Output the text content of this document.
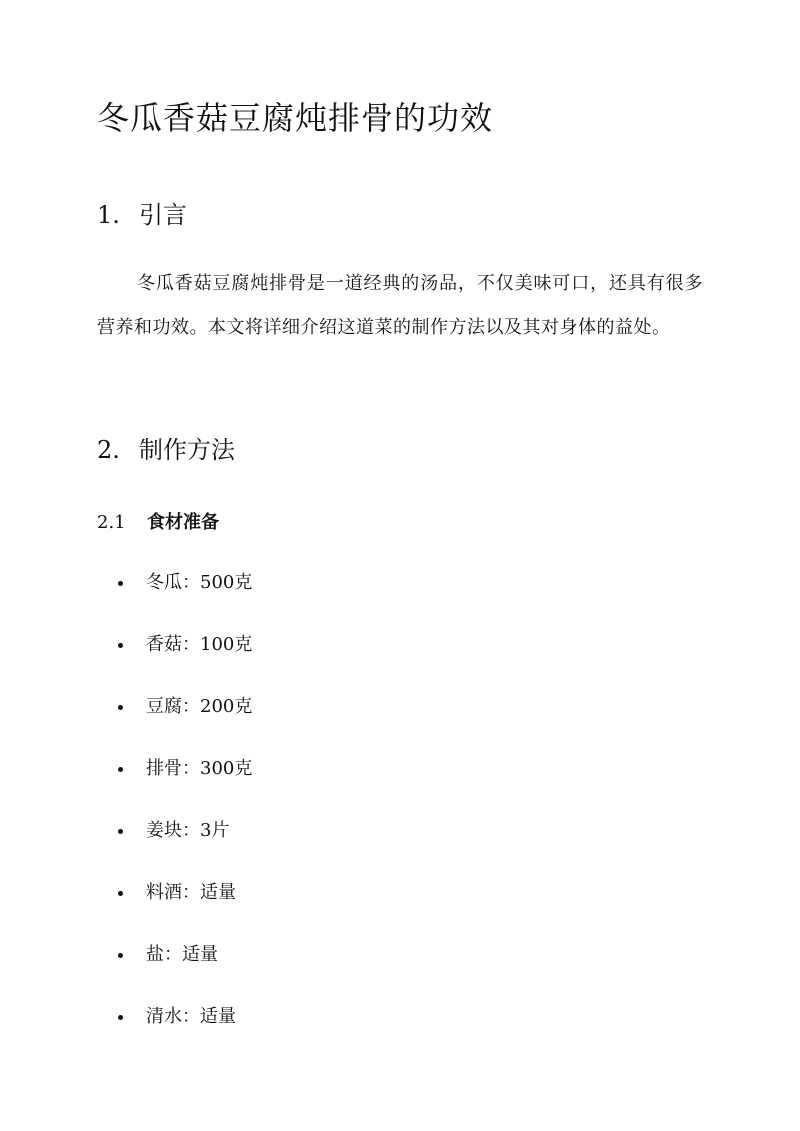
冬瓜香菇豆腐炖排骨的功效
1. 引言

冬瓜香菇豆腐炖排骨是一道经典的汤品，不仅美味可口，还具有很多营养和功效。本文将详细介绍这道菜的制作方法以及其对身体的益处。

2. 制作方法
2.1 食材准备
冬瓜：500克
香菇：100克
豆腐：200克
排骨：300克
姜块：3片
料酒：适量
盐：适量
清水：适量
